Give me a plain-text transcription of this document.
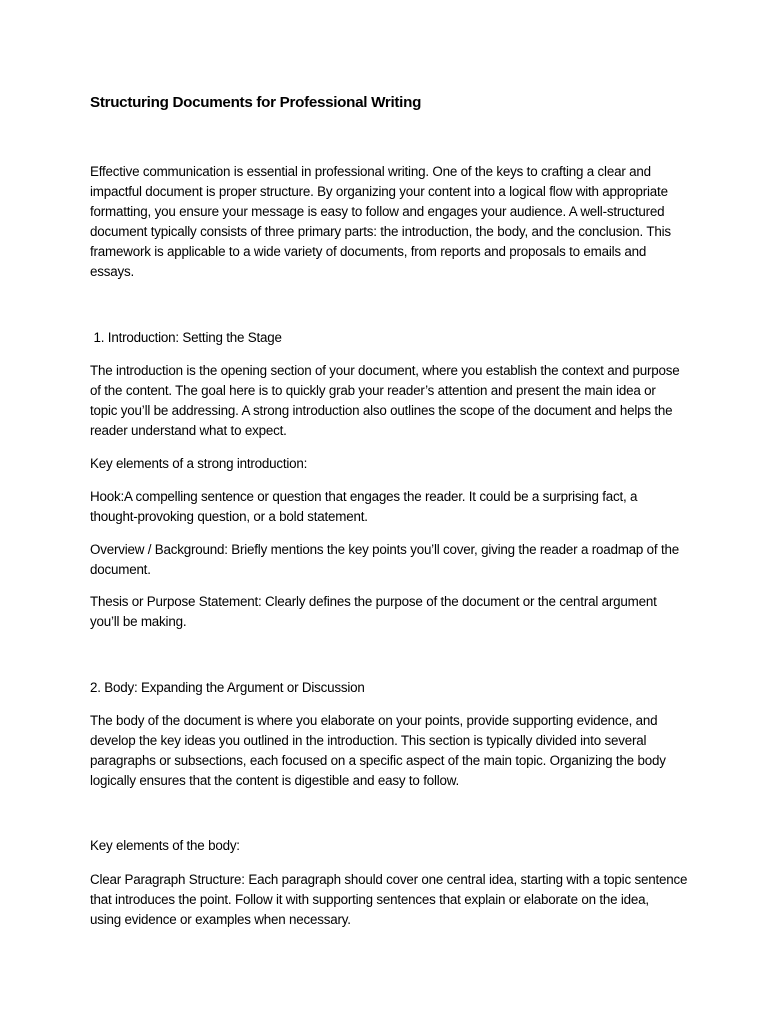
Structuring Documents for Professional Writing
Effective communication is essential in professional writing. One of the keys to crafting a clear and
impactful document is proper structure. By organizing your content into a logical flow with appropriate
formatting, you ensure your message is easy to follow and engages your audience. A well-structured
document typically consists of three primary parts: the introduction, the body, and the conclusion. This
framework is applicable to a wide variety of documents, from reports and proposals to emails and
essays.
1. Introduction: Setting the Stage
The introduction is the opening section of your document, where you establish the context and purpose
of the content. The goal here is to quickly grab your reader’s attention and present the main idea or
topic you’ll be addressing. A strong introduction also outlines the scope of the document and helps the
reader understand what to expect.
Key elements of a strong introduction:
Hook:A compelling sentence or question that engages the reader. It could be a surprising fact, a
thought-provoking question, or a bold statement.
Overview / Background: Briefly mentions the key points you’ll cover, giving the reader a roadmap of the
document.
Thesis or Purpose Statement: Clearly defines the purpose of the document or the central argument
you’ll be making.
2. Body: Expanding the Argument or Discussion
The body of the document is where you elaborate on your points, provide supporting evidence, and
develop the key ideas you outlined in the introduction. This section is typically divided into several
paragraphs or subsections, each focused on a specific aspect of the main topic. Organizing the body
logically ensures that the content is digestible and easy to follow.
Key elements of the body:
Clear Paragraph Structure: Each paragraph should cover one central idea, starting with a topic sentence
that introduces the point. Follow it with supporting sentences that explain or elaborate on the idea,
using evidence or examples when necessary.
